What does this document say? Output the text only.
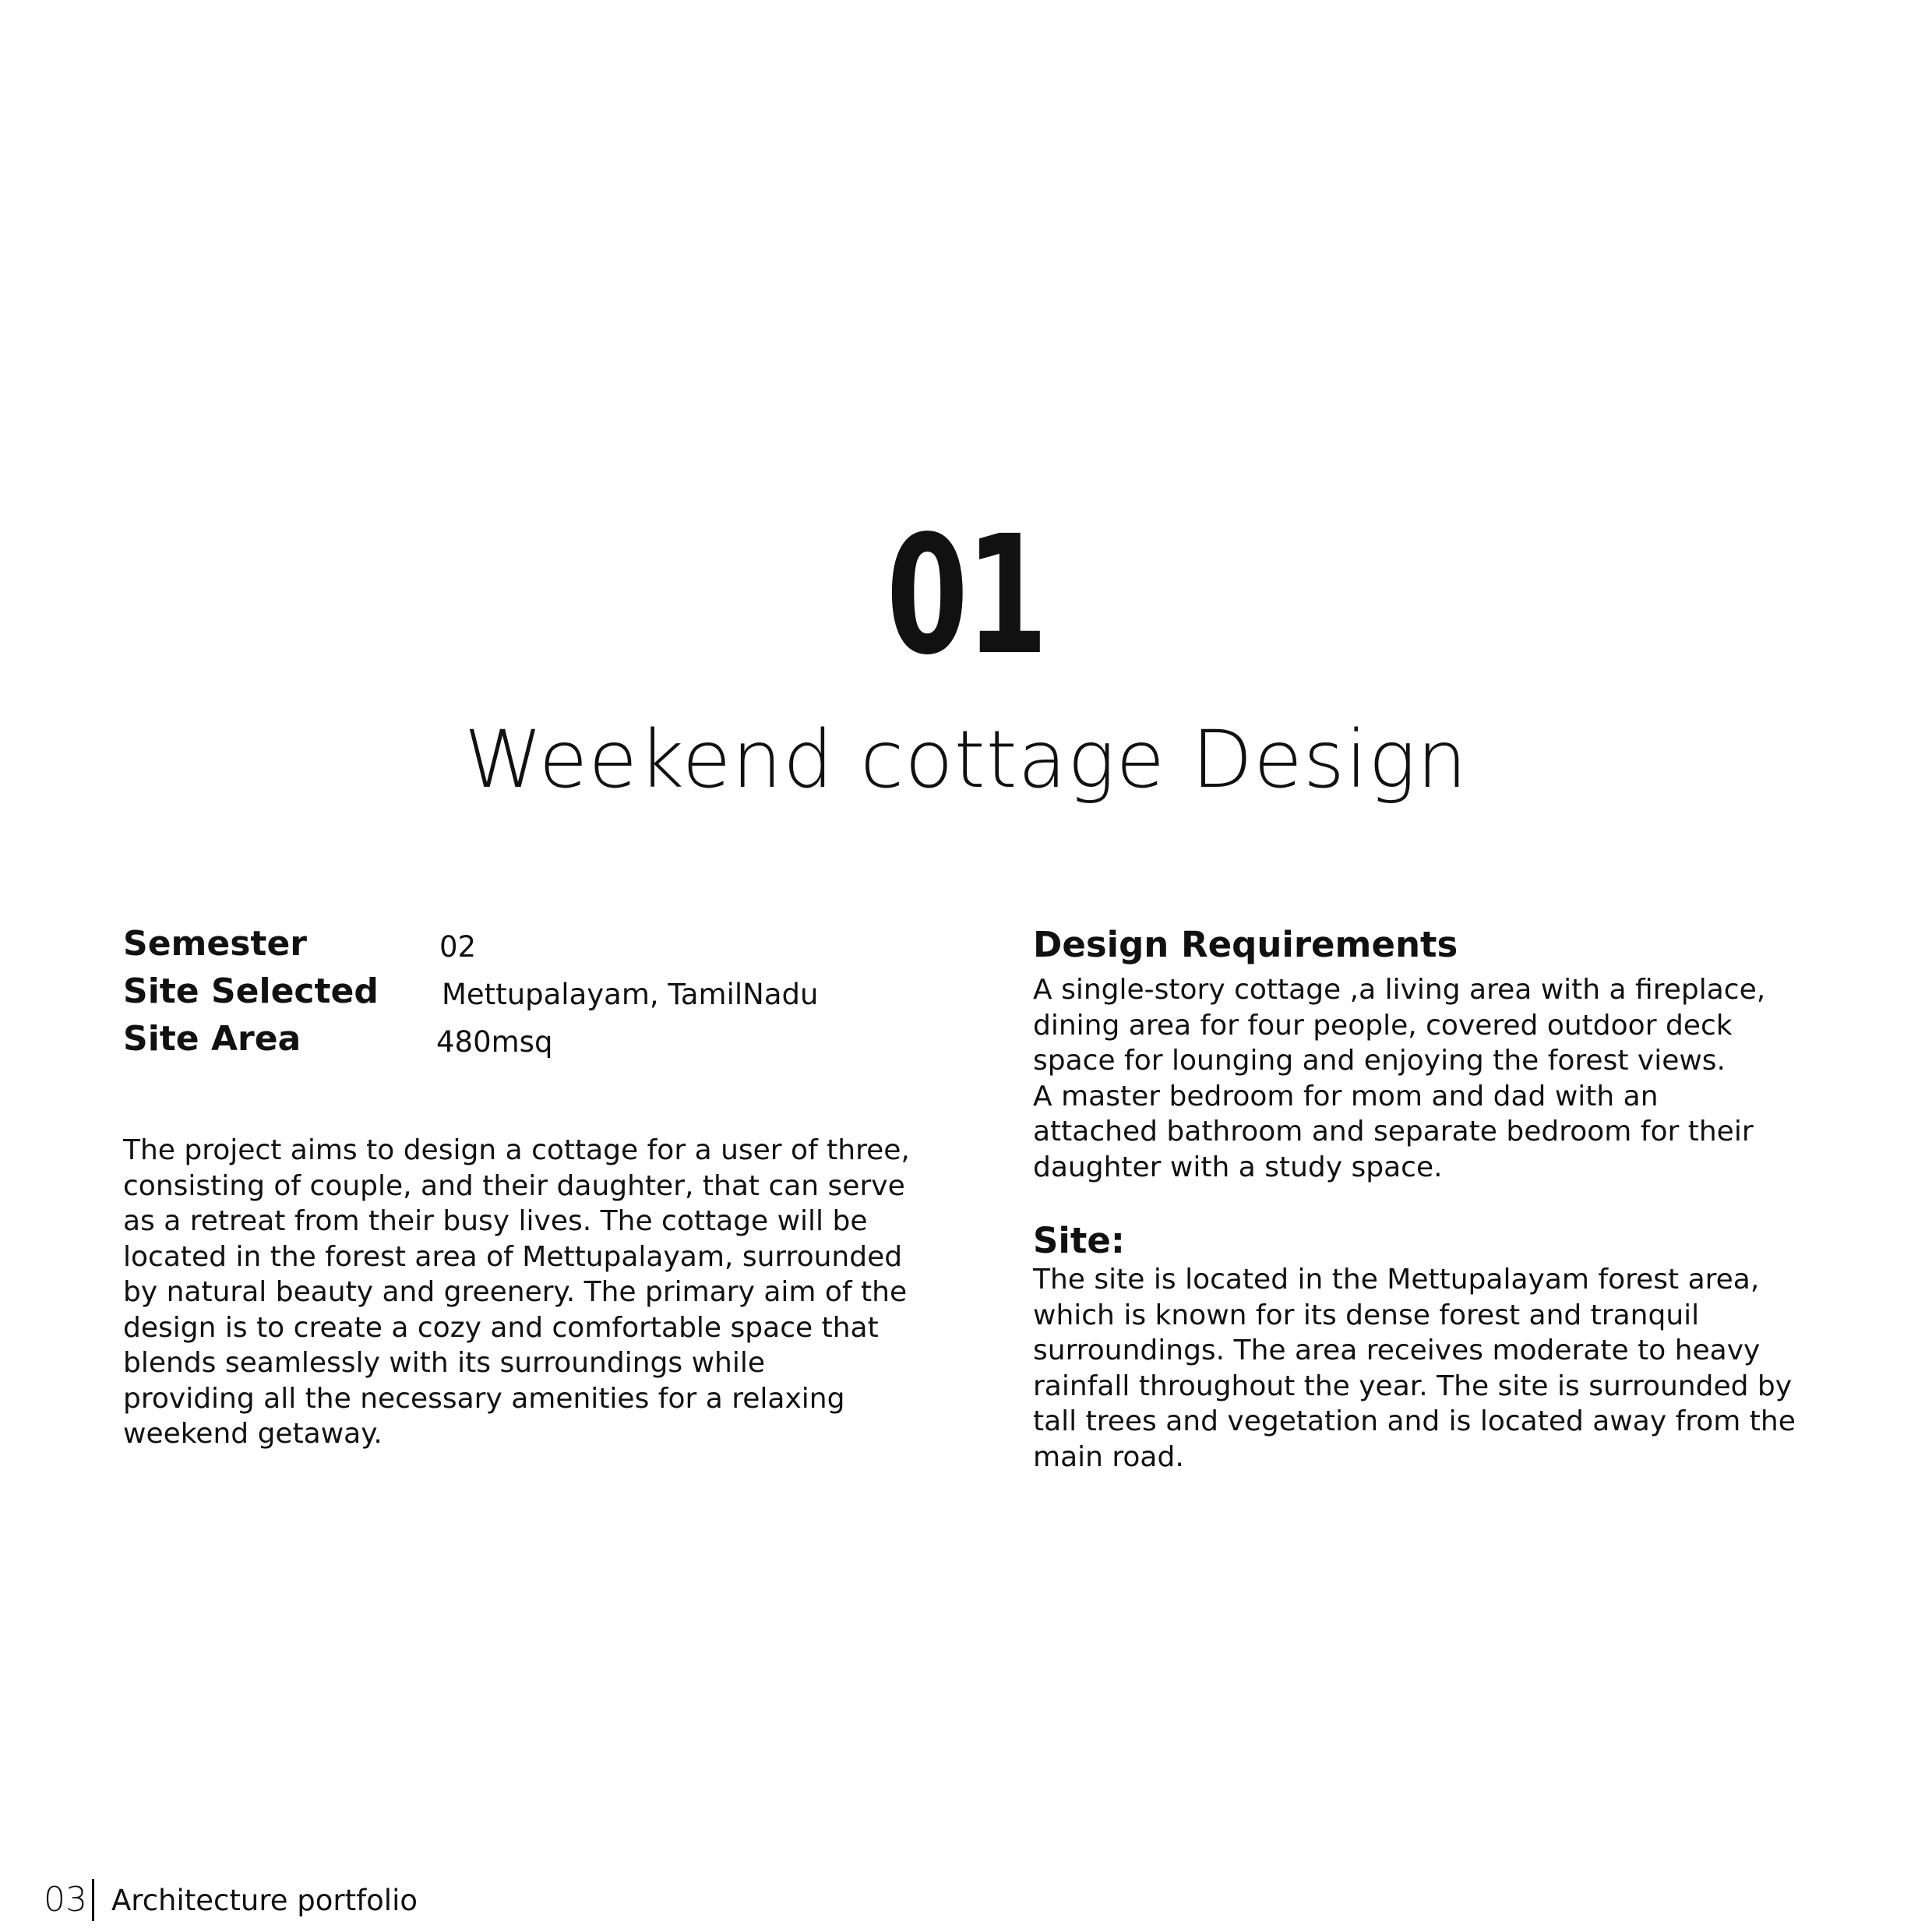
01
Weekend cottage Design
Semester	02
Site Selected Mettupalayam, TamilNadu
Site Area	480msq

The project aims to design a cottage for a user of three,
consisting of couple, and their daughter, that can serve
as a retreat from their busy lives. The cottage will be
located in the forest area of Mettupalayam, surrounded
by natural beauty and greenery. The primary aim of the
design is to create a cozy and comfortable space that
blends seamlessly with its surroundings while
providing all the necessary amenities for a relaxing
weekend getaway.

Design Requirements

A single-story cottage ,a living area with a fireplace,
dining area for four people, covered outdoor deck
space for lounging and enjoying the forest views.
A master bedroom for mom and dad with an
attached bathroom and separate bedroom for their
daughter with a study space.

Site:

The site is located in the Mettupalayam forest area,
which is known for its dense forest and tranquil
surroundings. The area receives moderate to heavy
rainfall throughout the year. The site is surrounded by
tall trees and vegetation and is located away from the
main road.

03 Architecture portfolio
